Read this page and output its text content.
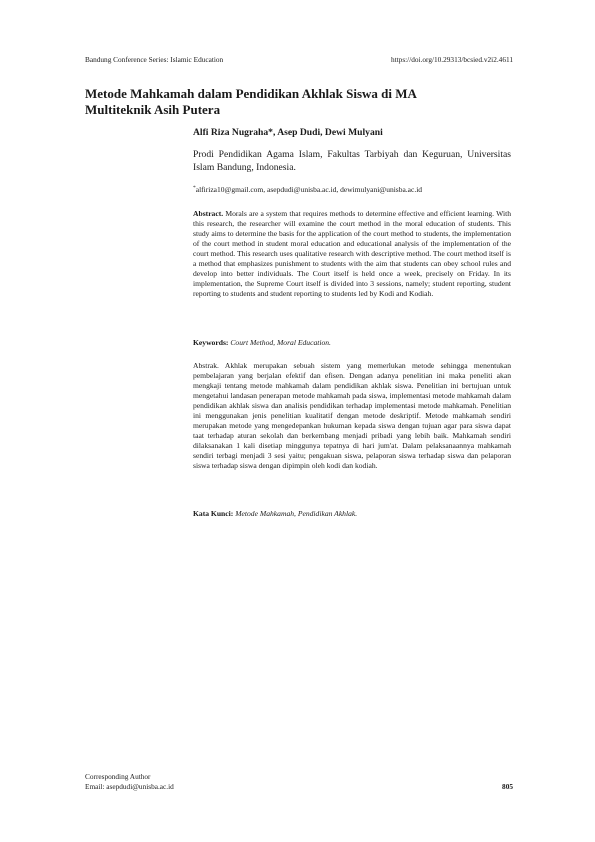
Bandung Conference Series: Islamic Education	https://doi.org/10.29313/bcsied.v2i2.4611
Metode Mahkamah dalam Pendidikan Akhlak Siswa di MA Multiteknik Asih Putera
Alfi Riza Nugraha*, Asep Dudi, Dewi Mulyani
Prodi Pendidikan Agama Islam, Fakultas Tarbiyah dan Keguruan, Universitas Islam Bandung, Indonesia.
*alfiriza10@gmail.com, asepdudi@unisba.ac.id, dewimulyani@unisba.ac.id

Abstract. Morals are a system that requires methods to determine effective and efficient learning. With this research, the researcher will examine the court method in the moral education of students. This study aims to determine the basis for the application of the court method to students, the implementation of the court method in student moral education and educational analysis of the implementation of the court method. This research uses qualitative research with descriptive method. The court method itself is a method that emphasizes punishment to students with the aim that students can obey school rules and develop into better individuals. The Court itself is held once a week, precisely on Friday. In its implementation, the Supreme Court itself is divided into 3 sessions, namely; student reporting, student reporting to students and student reporting to students led by Kodi and Kodiah.

Keywords: Court Method, Moral Education.

Abstrak. Akhlak merupakan sebuah sistem yang memerlukan metode sehingga menentukan pembelajaran yang berjalan efektif dan efisen. Dengan adanya penelitian ini maka peneliti akan mengkaji tentang metode mahkamah dalam pendidikan akhlak siswa. Penelitian ini bertujuan untuk mengetahui landasan penerapan metode mahkamah pada siswa, implementasi metode mahkamah dalam pendidikan akhlak siswa dan analisis pendidikan terhadap implementasi metode mahkamah. Penelitian ini menggunakan jenis penelitian kualitatif dengan metode deskriptif. Metode mahkamah sendiri merupakan metode yang mengedepankan hukuman kepada siswa dengan tujuan agar para siswa dapat taat terhadap aturan sekolah dan berkembang menjadi pribadi yang lebih baik. Mahkamah sendiri dilaksanakan 1 kali disetiap minggunya tepatnya di hari jum'at. Dalam pelaksanaannya mahkamah sendiri terbagi menjadi 3 sesi yaitu; pengakuan siswa, pelaporan siswa terhadap siswa dan pelaporan siswa terhadap siswa dengan dipimpin oleh kodi dan kodiah.

Kata Kunci: Metode Mahkamah, Pendidikan Akhlak.
Corresponding Author
Email: asepdudi@unisba.ac.id	805
